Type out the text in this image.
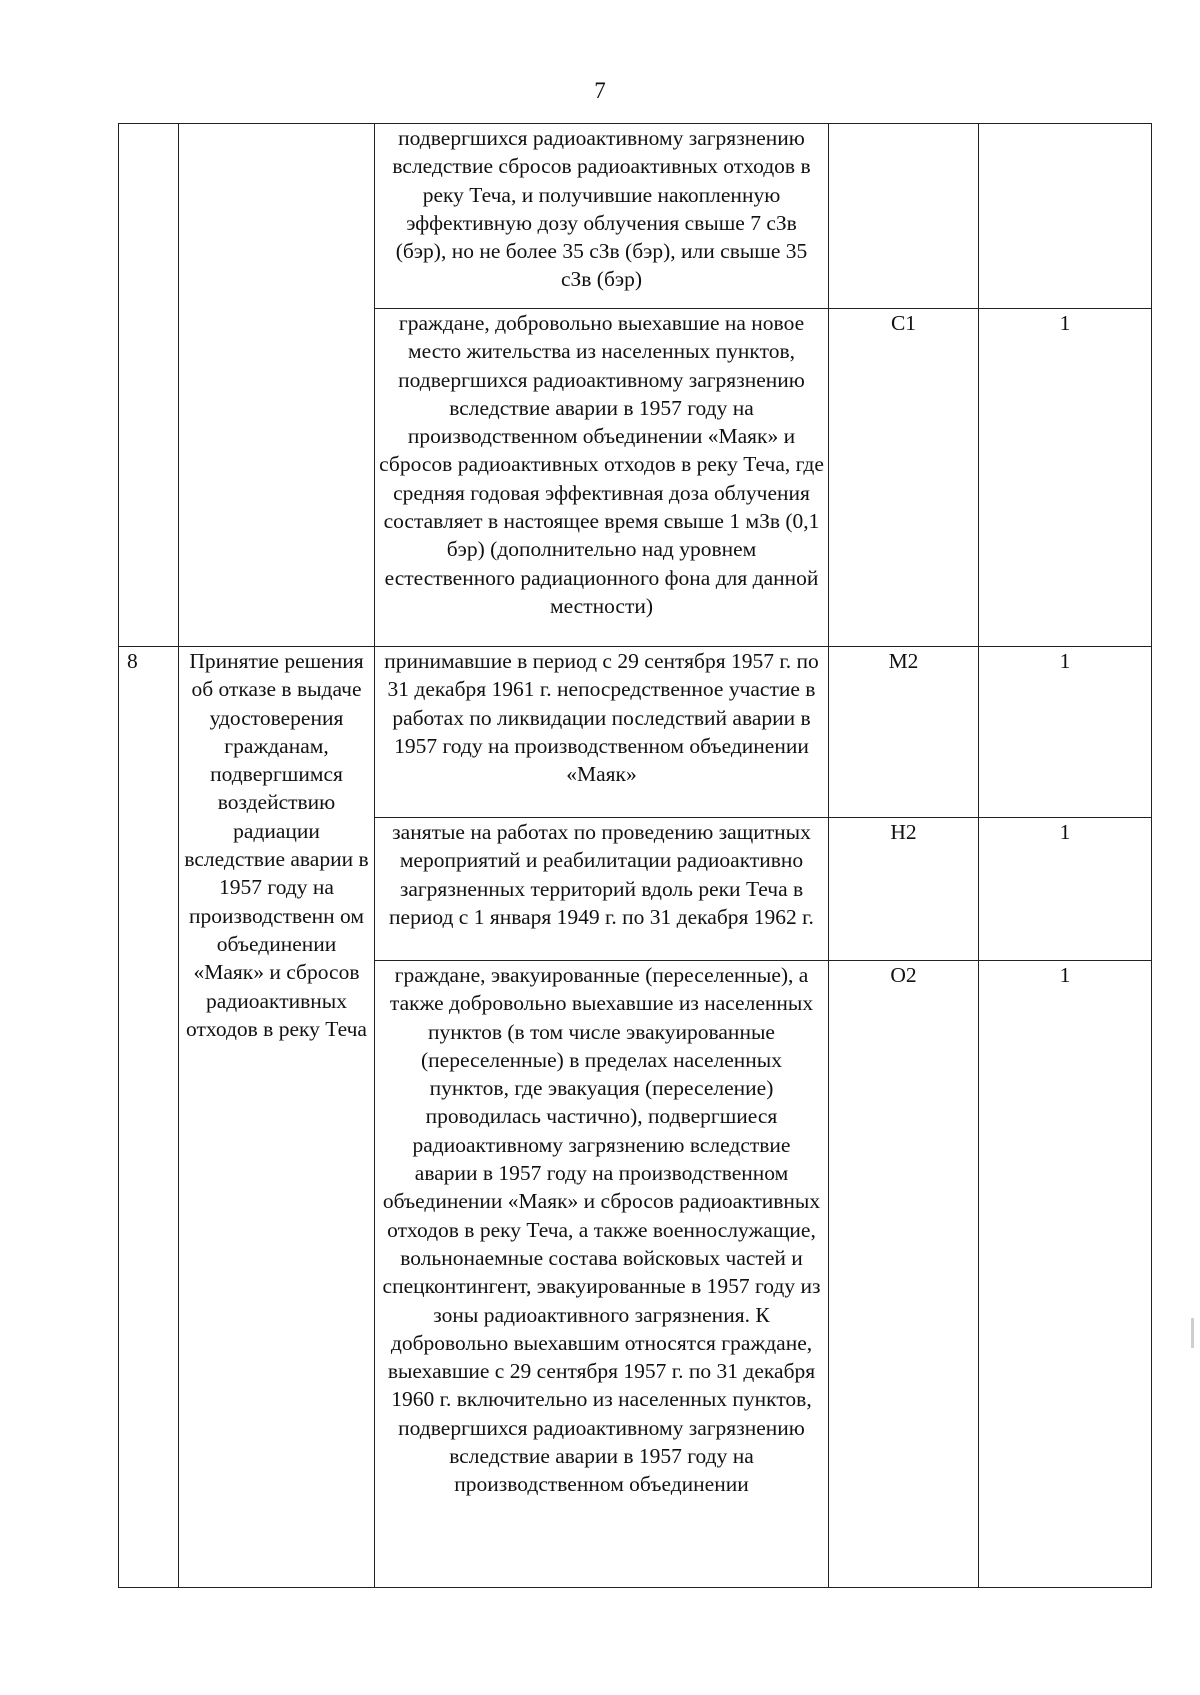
7

		подвергшихся радиоактивному загрязнению вследствие сбросов радиоактивных отходов в реку Теча, и получившие накопленную эффективную дозу облучения свыше 7 сЗв (бэр), но не более 35 сЗв (бэр), или свыше 35 сЗв (бэр)		

		граждане, добровольно выехавшие на новое место жительства из населенных пунктов, подвергшихся радиоактивному загрязнению вследствие аварии в 1957 году на производственном объединении «Маяк» и сбросов радиоактивных отходов в реку Теча, где средняя годовая эффективная доза облучения составляет в настоящее время свыше 1 мЗв (0,1 бэр) (дополнительно над уровнем естественного радиационного фона для данной местности)	С1	1
8	Принятие решения об отказе в выдаче удостоверения гражданам, подвергшимся воздействию радиации вследствие аварии в 1957 году на производственн ом объединении «Маяк» и сбросов радиоактивных отходов в реку Теча	принимавшие в период с 29 сентября 1957 г. по 31 декабря 1961 г. непосредственное участие в работах по ликвидации последствий аварии в 1957 году на производственном объединении «Маяк»	М2	1

		занятые на работах по проведению защитных мероприятий и реабилитации радиоактивно загрязненных территорий вдоль реки Теча в период с 1 января 1949 г. по 31 декабря 1962 г.	Н2	1

		граждане, эвакуированные (переселенные), а также добровольно выехавшие из населенных пунктов (в том числе эвакуированные (переселенные) в пределах населенных пунктов, где эвакуация (переселение) проводилась частично), подвергшиеся радиоактивному загрязнению вследствие аварии в 1957 году на производственном объединении «Маяк» и сбросов радиоактивных отходов в реку Теча, а также военнослужащие, вольнонаемные состава войсковых частей и спецконтингент, эвакуированные в 1957 году из зоны радиоактивного загрязнения. К добровольно выехавшим относятся граждане, выехавшие с 29 сентября 1957 г. по 31 декабря 1960 г. включительно из населенных пунктов, подвергшихся радиоактивному загрязнению вследствие аварии в 1957 году на производственном объединении	О2	1
